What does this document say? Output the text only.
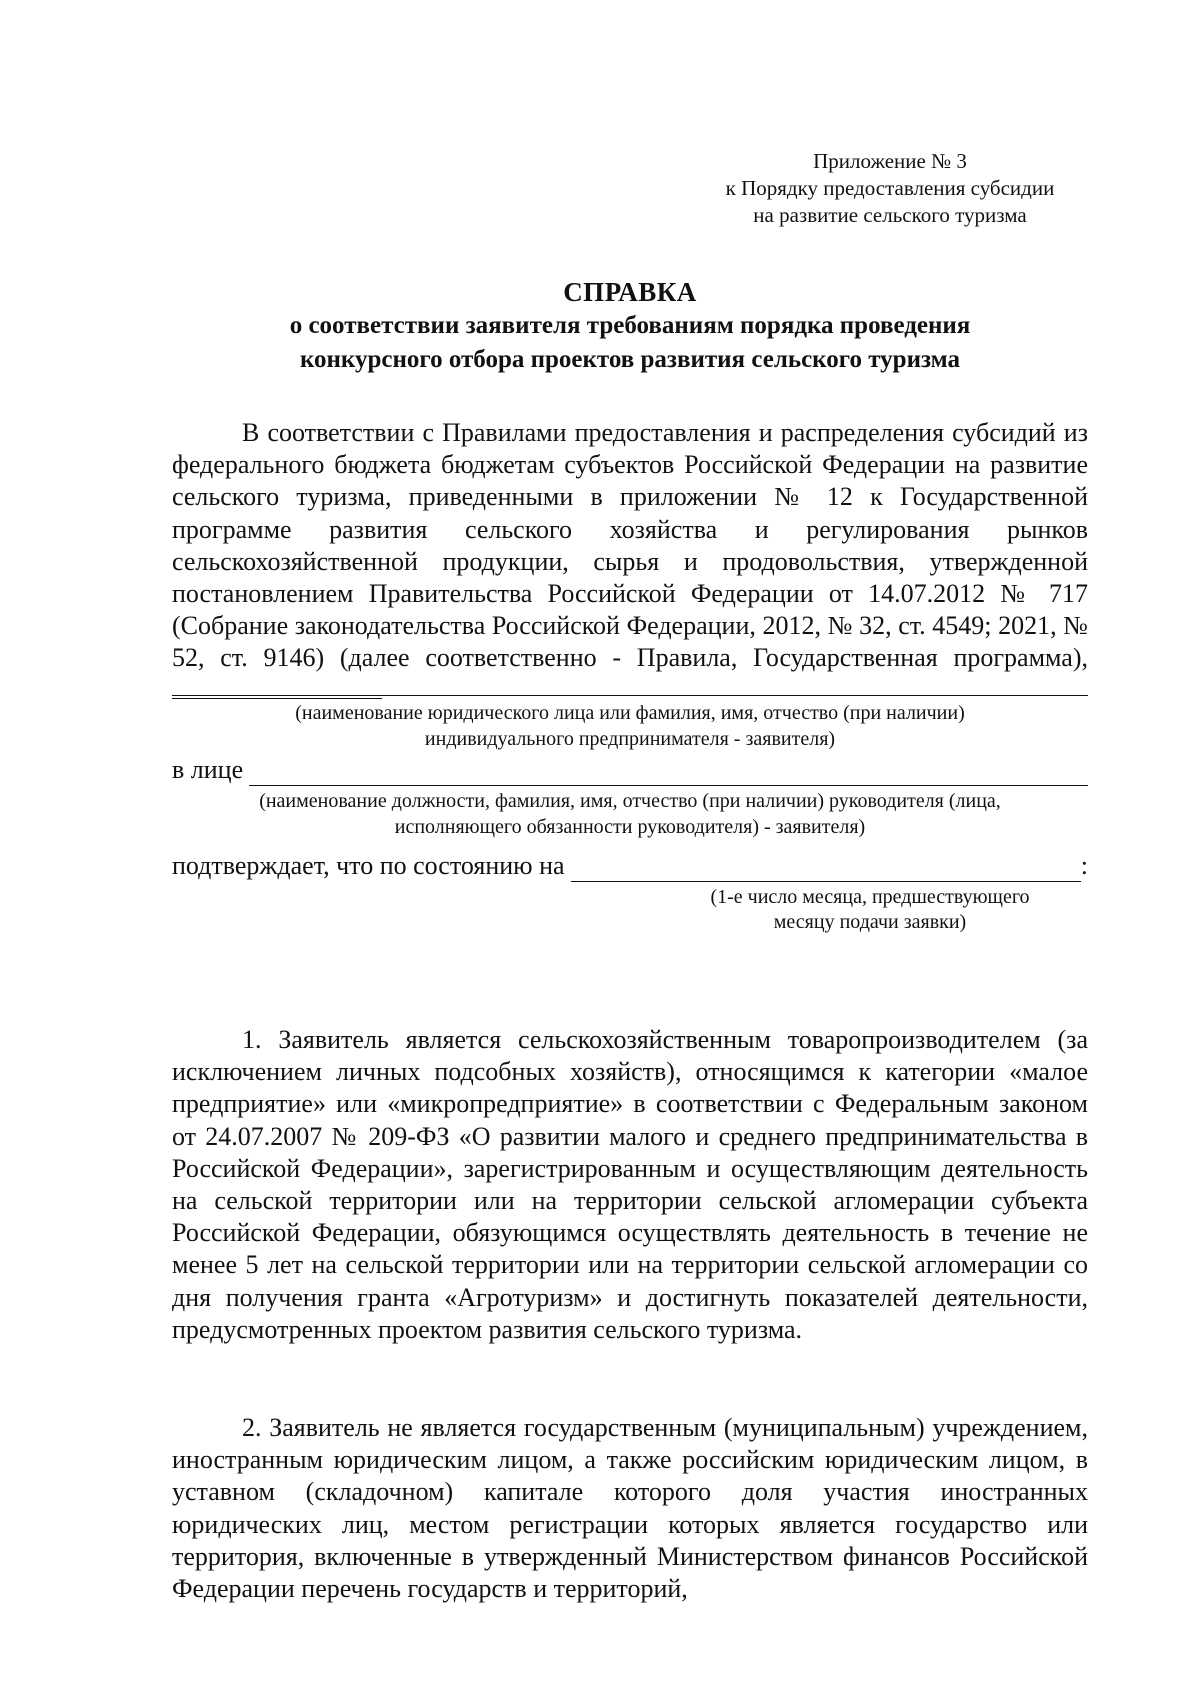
Приложение № 3
к Порядку предоставления субсидии
на развитие сельского туризма
СПРАВКА
о соответствии заявителя требованиям порядка проведения
конкурсного отбора проектов развития сельского туризма
В соответствии с Правилами предоставления и распределения субсидий из федерального бюджета бюджетам субъектов Российской Федерации на развитие сельского туризма, приведенными в приложении № 12 к Государственной программе развития сельского хозяйства и регулирования рынков сельскохозяйственной продукции, сырья и продовольствия, утвержденной постановлением Правительства Российской Федерации от 14.07.2012 № 717 (Собрание законодательства Российской Федерации, 2012, № 32, ст. 4549; 2021, № 52, ст. 9146) (далее соответственно - Правила, Государственная программа),
(наименование юридического лица или фамилия, имя, отчество (при наличии)
индивидуального предпринимателя - заявителя)
в лице
(наименование должности, фамилия, имя, отчество (при наличии) руководителя (лица,
исполняющего обязанности руководителя) - заявителя)
подтверждает, что по состоянию на	:
(1-е число месяца, предшествующего
месяцу подачи заявки)
1. Заявитель является сельскохозяйственным товаропроизводителем (за исключением личных подсобных хозяйств), относящимся к категории «малое предприятие» или «микропредприятие» в соответствии с Федеральным законом от 24.07.2007 № 209-ФЗ «О развитии малого и среднего предпринимательства в Российской Федерации», зарегистрированным и осуществляющим деятельность на сельской территории или на территории сельской агломерации субъекта Российской Федерации, обязующимся осуществлять деятельность в течение не менее 5 лет на сельской территории или на территории сельской агломерации со дня получения гранта «Агротуризм» и достигнуть показателей деятельности, предусмотренных проектом развития сельского туризма.
2. Заявитель не является государственным (муниципальным) учреждением, иностранным юридическим лицом, а также российским юридическим лицом, в уставном (складочном) капитале которого доля участия иностранных юридических лиц, местом регистрации которых является государство или территория, включенные в утвержденный Министерством финансов Российской Федерации перечень государств и территорий,
